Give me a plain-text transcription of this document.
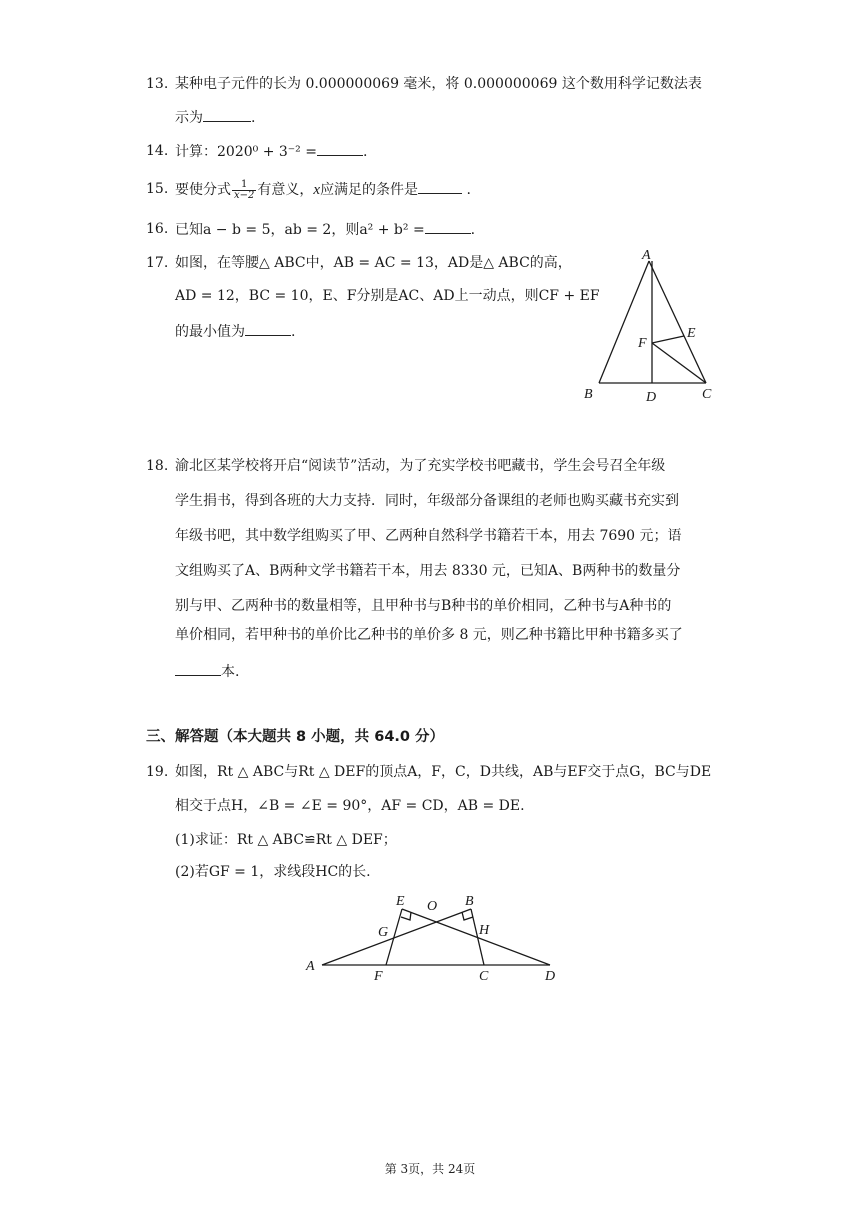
13. 某种电子元件的长为 0.000000069 毫米，将 0.000000069 这个数用科学记数法表
示为	.
14. 计算：2020⁰ + 3⁻² =	.
15. 要使分式 $\frac{1}{x-2}$ 有意义，x应满足的条件是	.
16. 已知a − b = 5，ab = 2，则a² + b² =	.
17. 如图，在等腰△ ABC中，AB = AC = 13，AD是△ ABC的高，
AD = 12，BC = 10，E、F分别是AC、AD上一动点，则CF + EF
的最小值为	.
A
B	C
D
E
F
18. 渝北区某学校将开启“阅读节”活动，为了充实学校书吧藏书，学生会号召全年级
学生捐书，得到各班的大力支持．同时，年级部分备课组的老师也购买藏书充实到
年级书吧，其中数学组购买了甲、乙两种自然科学书籍若干本，用去 7690 元；语
文组购买了A、B两种文学书籍若干本，用去 8330 元，已知A、B两种书的数量分
别与甲、乙两种书的数量相等，且甲种书与B种书的单价相同，乙种书与A种书的
单价相同，若甲种书的单价比乙种书的单价多 8 元，则乙种书籍比甲种书籍多买了
本.
三、解答题（本大题共 8 小题，共 64.0 分）
19. 如图，Rt △ ABC与Rt △ DEF的顶点A，F，C，D共线，AB与EF交于点G，BC与DE
相交于点H，∠B = ∠E = 90°，AF = CD，AB = DE.
(1)求证：Rt △ ABC≌Rt △ DEF；
(2)若GF = 1，求线段HC的长.
A
F	C	D
E	B
O
G	H
第 3页，共 24页
